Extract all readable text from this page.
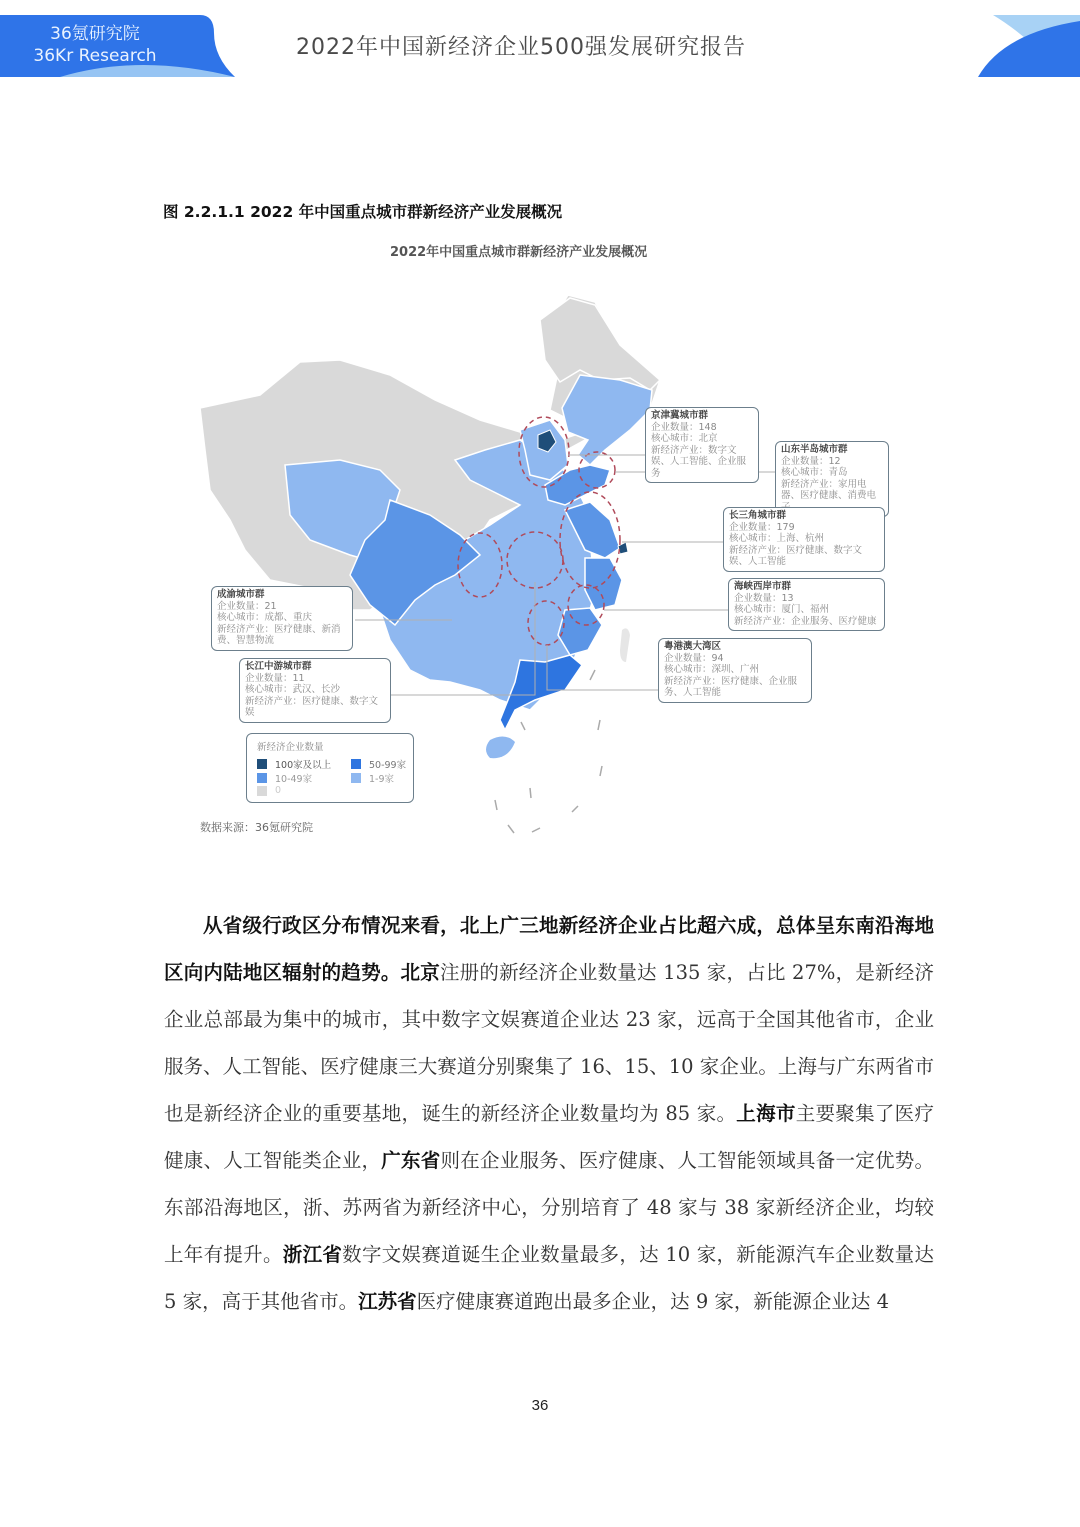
36氪研究院
36Kr Research	2022年中国新经济企业500强发展研究报告
图 2.2.1.1 2022 年中国重点城市群新经济产业发展概况
2022年中国重点城市群新经济产业发展概况
京津冀城市群
企业数量：148
核心城市：北京
新经济产业：数字文娱、人工智能、企业服务
山东半岛城市群
企业数量：12
核心城市：青岛
新经济产业：家用电器、医疗健康、消费电
长三角城市群
企业数量：179
核心城市：上海、杭州
新经济产业：医疗健康、数字文娱、人工智能
海峡西岸市群
企业数量：13
核心城市：厦门、福州
新经济产业：企业服务、医疗健康
粤港澳大湾区
企业数量：94
核心城市：深圳、广州
新经济产业：医疗健康、企业服务、人工智能
成渝城市群
企业数量：21
核心城市：成都、重庆
新经济产业：医疗健康、新消费、智慧物流
长江中游城市群
企业数量：11
核心城市：武汉、长沙
新经济产业：医疗健康、数字文娱
新经济企业数量
100家及以上	50-99家
10-49家	1-9家
0
数据来源：36氪研究院

从省级行政区分布情况来看，北上广三地新经济企业占比超六成，总体呈东南沿海地区向内陆地区辐射的趋势。北京注册的新经济企业数量达 135 家，占比 27%，是新经济企业总部最为集中的城市，其中数字文娱赛道企业达 23 家，远高于全国其他省市，企业服务、人工智能、医疗健康三大赛道分别聚集了 16、15、10 家企业。上海与广东两省市也是新经济企业的重要基地，诞生的新经济企业数量均为 85 家。上海市主要聚集了医疗健康、人工智能类企业，广东省则在企业服务、医疗健康、人工智能领域具备一定优势。东部沿海地区，浙、苏两省为新经济中心，分别培育了 48 家与 38 家新经济企业，均较上年有提升。浙江省数字文娱赛道诞生企业数量最多，达 10 家，新能源汽车企业数量达 5 家，高于其他省市。江苏省医疗健康赛道跑出最多企业，达 9 家，新能源企业达 4

36
